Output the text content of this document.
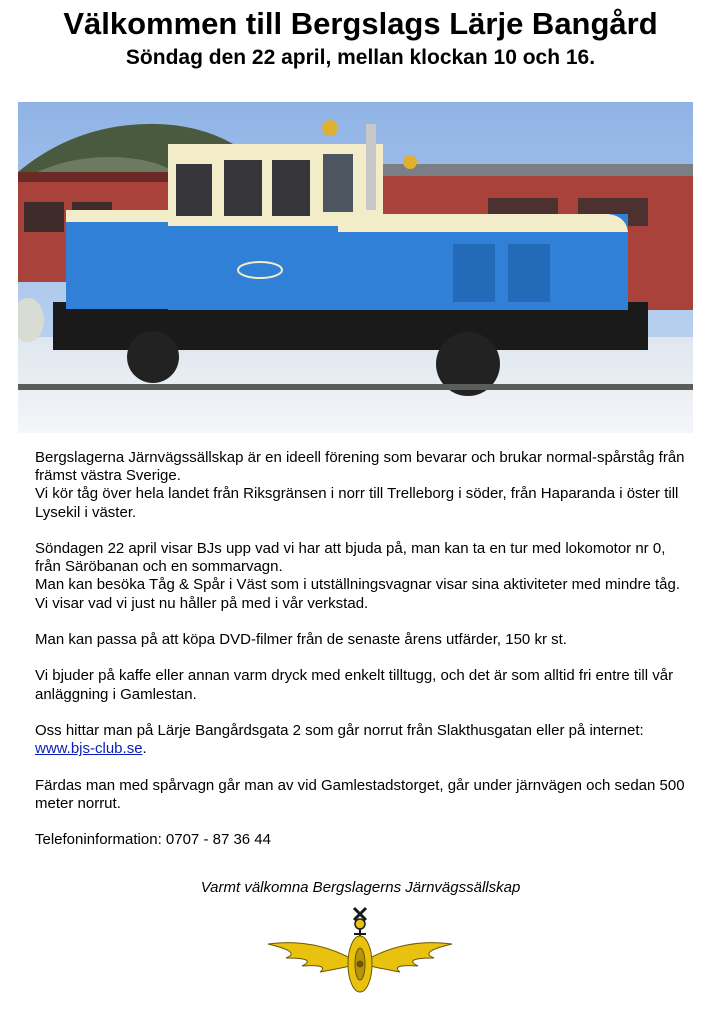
Välkommen till Bergslags Lärje Bangård
Söndag den 22 april, mellan klockan 10 och 16.

Bergslagerna Järnvägssällskap är en ideell förening som bevarar och brukar normal-spårståg från främst västra Sverige.
Vi kör tåg över hela landet från Riksgränsen i norr till Trelleborg i söder, från Haparanda i öster till Lysekil i väster.

Söndagen 22 april visar BJs upp vad vi har att bjuda på, man kan ta en tur med lokomotor nr 0, från Säröbanan och en sommarvagn.
Man kan besöka Tåg & Spår i Väst som i utställningsvagnar visar sina aktiviteter med mindre tåg. Vi visar vad vi just nu håller på med i vår verkstad.

Man kan passa på att köpa DVD-filmer från de senaste årens utfärder, 150 kr st.

Vi bjuder på kaffe eller annan varm dryck med enkelt tilltugg, och det är som alltid fri entre till vår anläggning i Gamlestan.

Oss hittar man på Lärje Bangårdsgata 2 som går norrut från Slakthusgatan eller på internet:  www.bjs-club.se.

Färdas man med spårvagn går man av vid Gamlestadstorget, går under järnvägen och sedan 500 meter norrut.

Telefoninformation: 0707 - 87 36 44

Varmt välkomna Bergslagerns Järnvägssällskap
